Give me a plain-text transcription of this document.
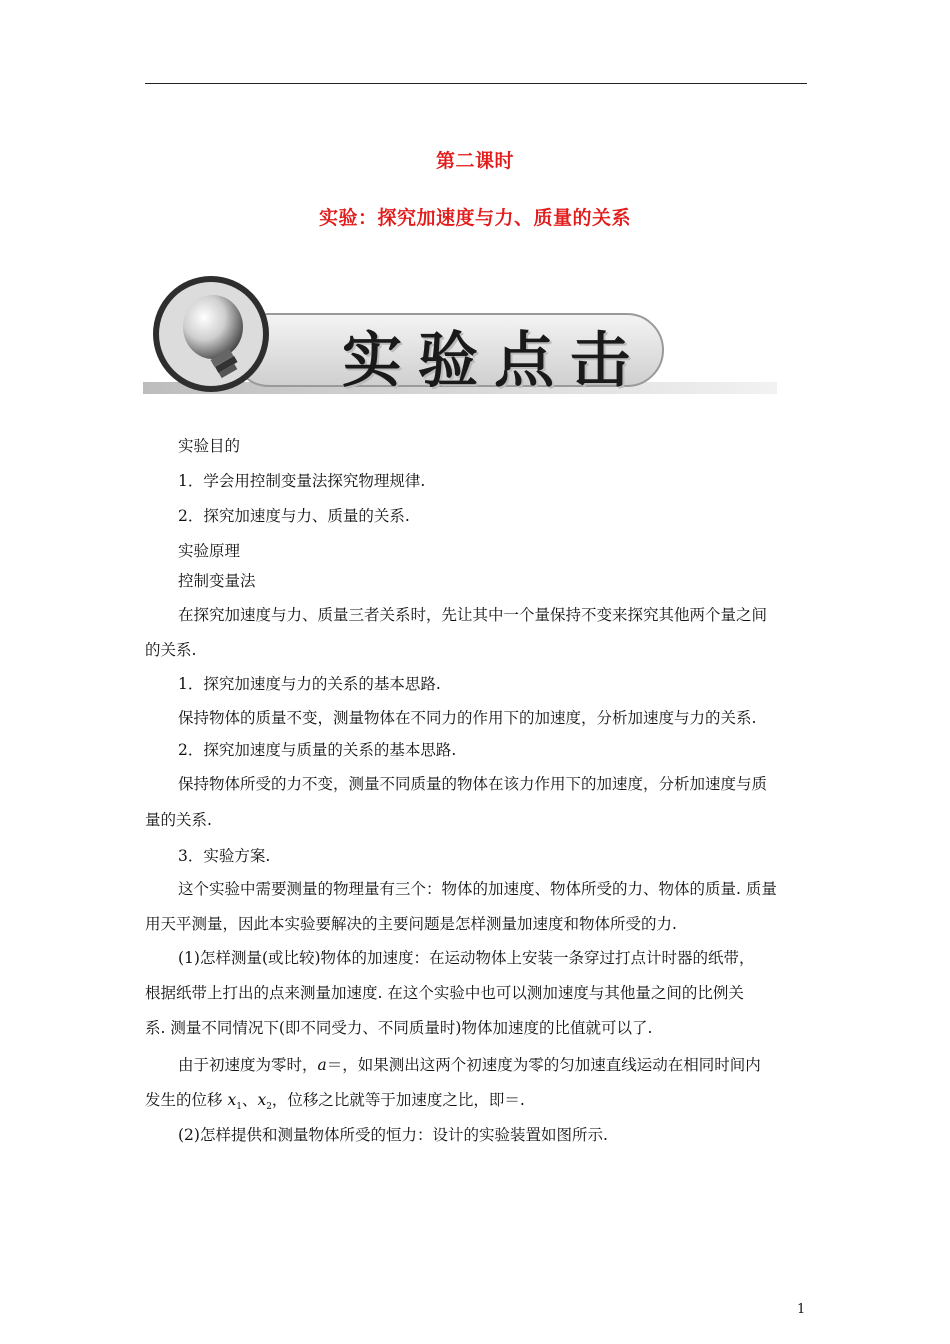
第二课时
实验：探究加速度与力、质量的关系
实验点击
实验目的
1．学会用控制变量法探究物理规律.
2．探究加速度与力、质量的关系.
实验原理
控制变量法
在探究加速度与力、质量三者关系时，先让其中一个量保持不变来探究其他两个量之间
的关系.
1．探究加速度与力的关系的基本思路.
保持物体的质量不变，测量物体在不同力的作用下的加速度，分析加速度与力的关系.
2．探究加速度与质量的关系的基本思路.
保持物体所受的力不变，测量不同质量的物体在该力作用下的加速度，分析加速度与质
量的关系.
3．实验方案.
这个实验中需要测量的物理量有三个：物体的加速度、物体所受的力、物体的质量. 质量
用天平测量，因此本实验要解决的主要问题是怎样测量加速度和物体所受的力.
(1)怎样测量(或比较)物体的加速度：在运动物体上安装一条穿过打点计时器的纸带，
根据纸带上打出的点来测量加速度. 在这个实验中也可以测加速度与其他量之间的比例关
系. 测量不同情况下(即不同受力、不同质量时)物体加速度的比值就可以了.
由于初速度为零时，a＝，如果测出这两个初速度为零的匀加速直线运动在相同时间内
发生的位移 $x_1$、$x_2$，位移之比就等于加速度之比，即＝.
(2)怎样提供和测量物体所受的恒力：设计的实验装置如图所示.
1
